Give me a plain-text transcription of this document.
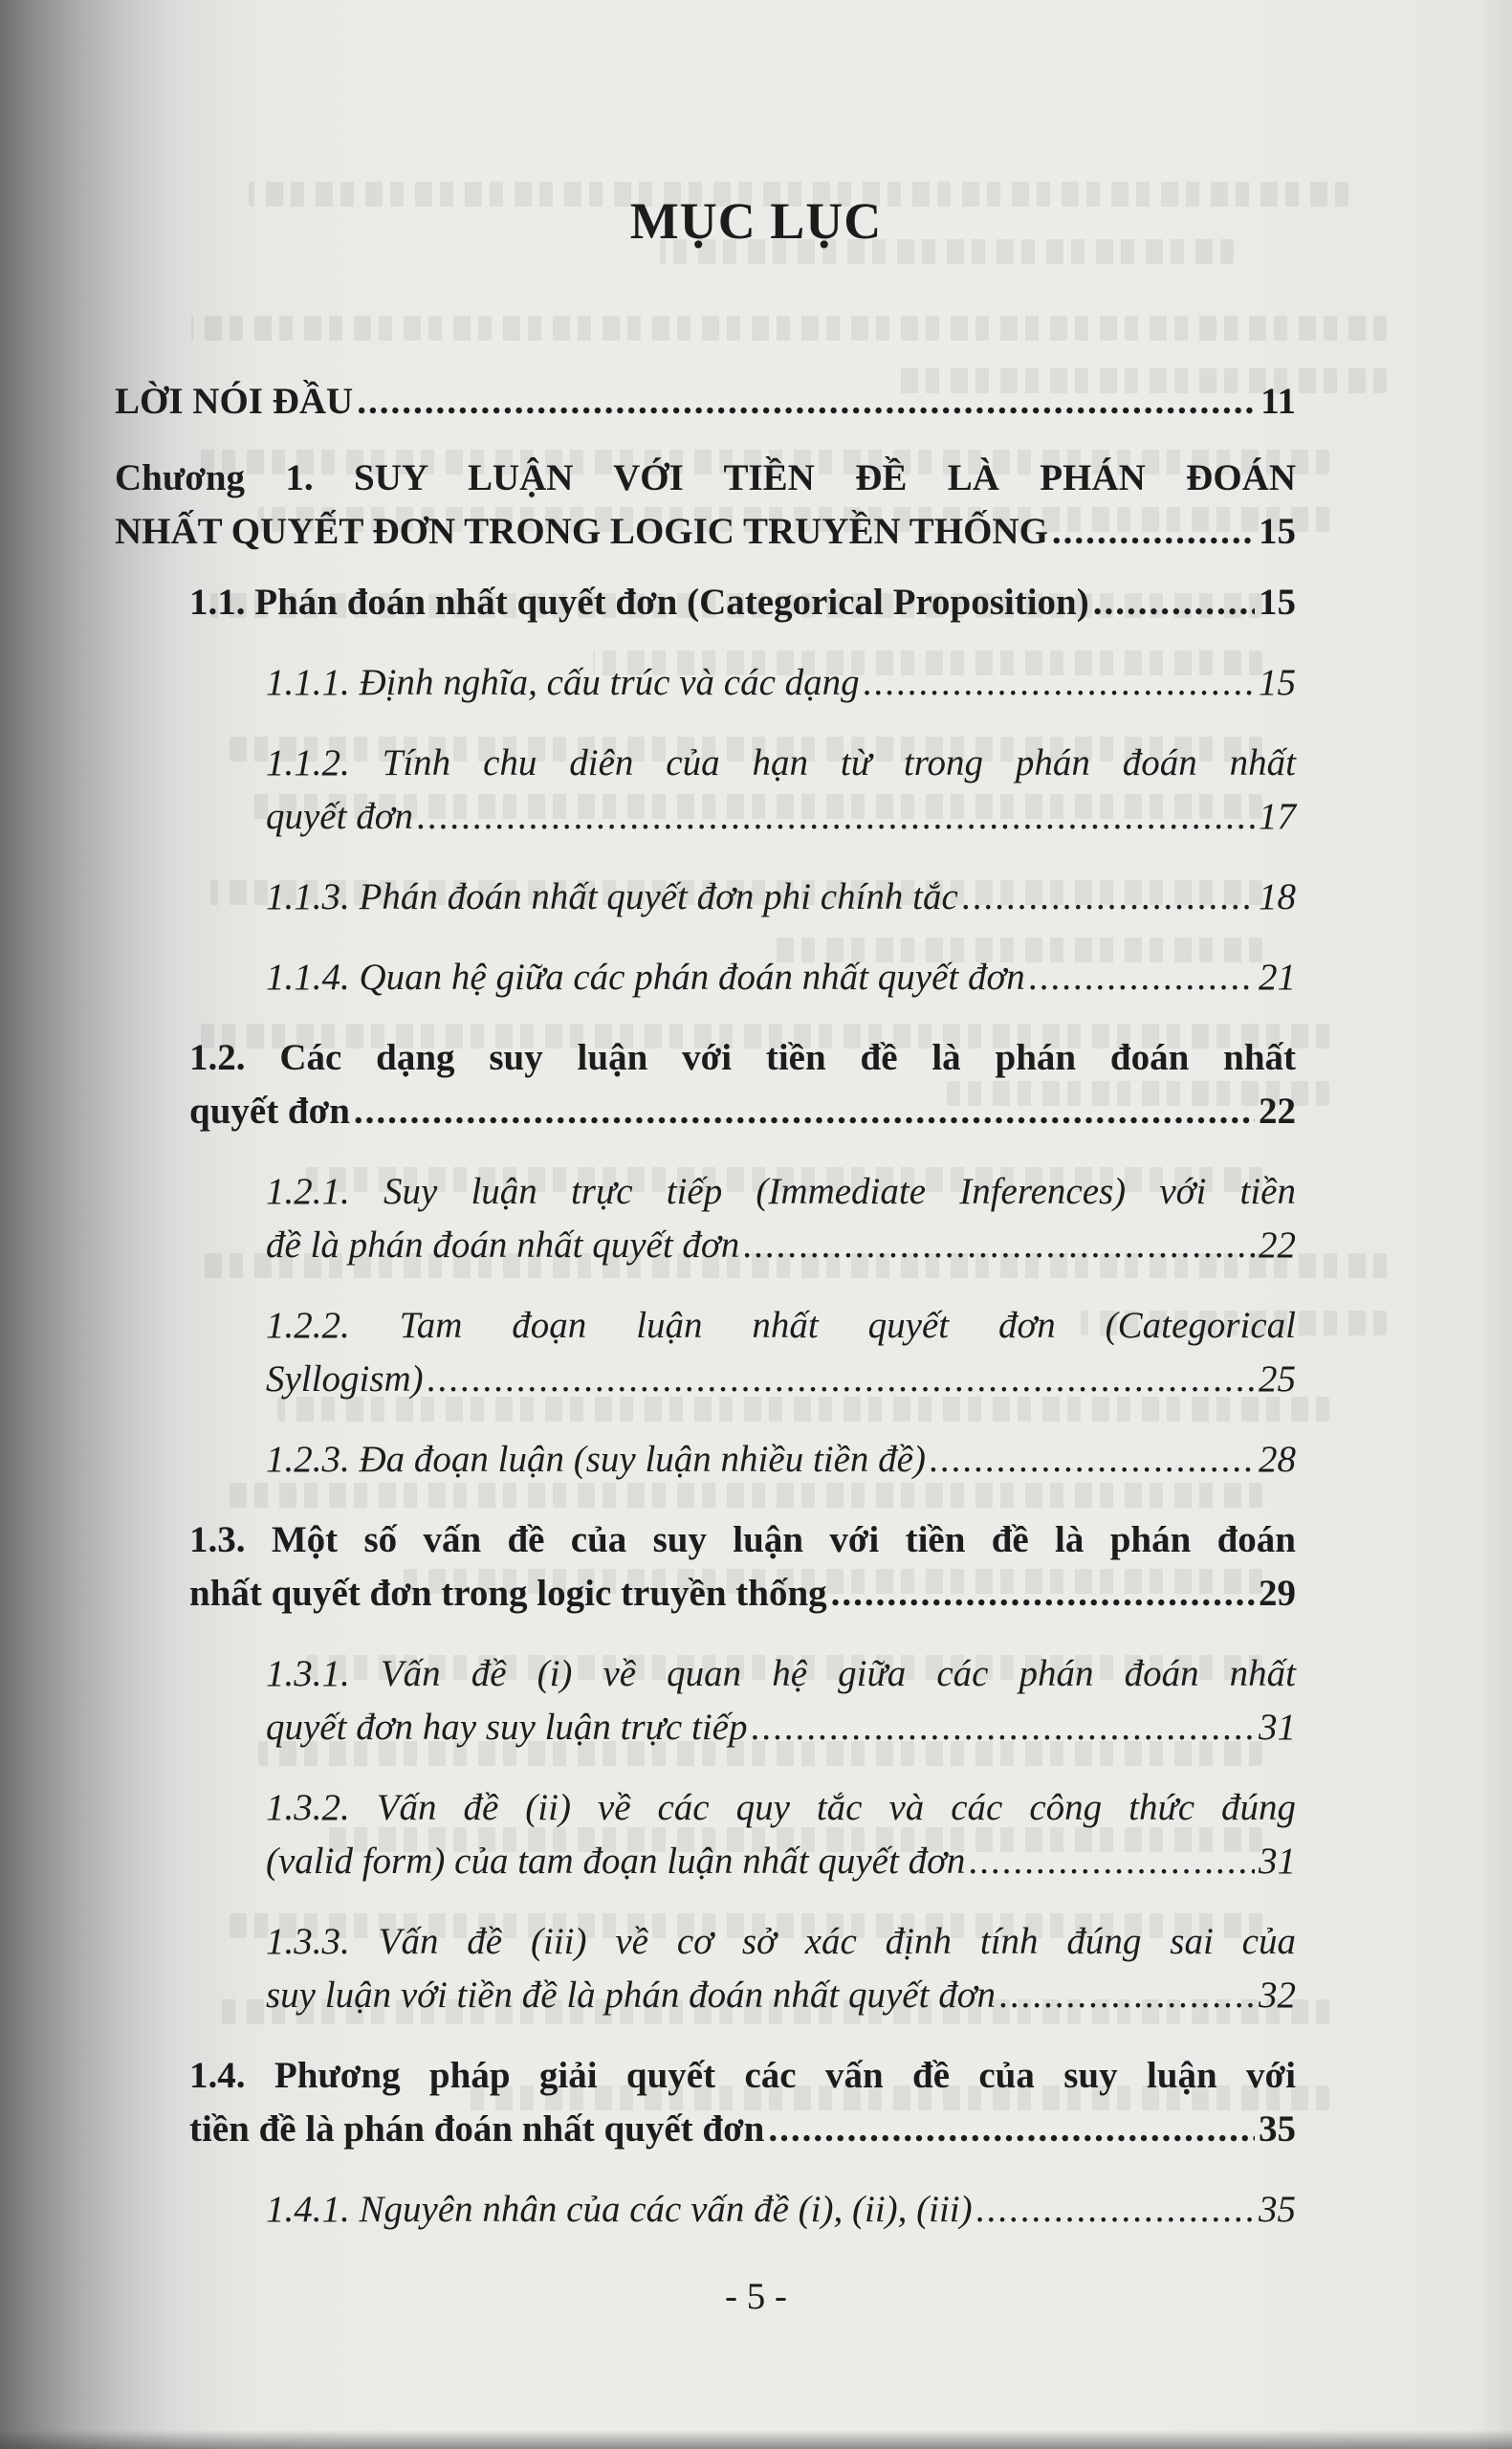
MỤC LỤC
LỜI NÓI ĐẦU .....	11
Chương 1. SUY LUẬN VỚI TIỀN ĐỀ LÀ PHÁN ĐOÁN
NHẤT QUYẾT ĐƠN TRONG LOGIC TRUYỀN THỐNG .....	15
1.1. Phán đoán nhất quyết đơn (Categorical Proposition) .....	15
1.1.1. Định nghĩa, cấu trúc và các dạng .....	15
1.1.2. Tính chu diên của hạn từ trong phán đoán nhất
quyết đơn .....	17
1.1.3. Phán đoán nhất quyết đơn phi chính tắc .....	18
1.1.4. Quan hệ giữa các phán đoán nhất quyết đơn .....	21
1.2. Các dạng suy luận với tiền đề là phán đoán nhất
quyết đơn .....	22
1.2.1. Suy luận trực tiếp (Immediate Inferences) với tiền
đề là phán đoán nhất quyết đơn .....	22
1.2.2. Tam đoạn luận nhất quyết đơn (Categorical
Syllogism) .....	25
1.2.3. Đa đoạn luận (suy luận nhiều tiền đề) .....	28
1.3. Một số vấn đề của suy luận với tiền đề là phán đoán
nhất quyết đơn trong logic truyền thống .....	29
1.3.1. Vấn đề (i) về quan hệ giữa các phán đoán nhất
quyết đơn hay suy luận trực tiếp .....	31
1.3.2. Vấn đề (ii) về các quy tắc và các công thức đúng
(valid form) của tam đoạn luận nhất quyết đơn .....	31
1.3.3. Vấn đề (iii) về cơ sở xác định tính đúng sai của
suy luận với tiền đề là phán đoán nhất quyết đơn .....	32
1.4. Phương pháp giải quyết các vấn đề của suy luận với
tiền đề là phán đoán nhất quyết đơn .....	35
1.4.1. Nguyên nhân của các vấn đề (i), (ii), (iii) .....	35
- 5 -
